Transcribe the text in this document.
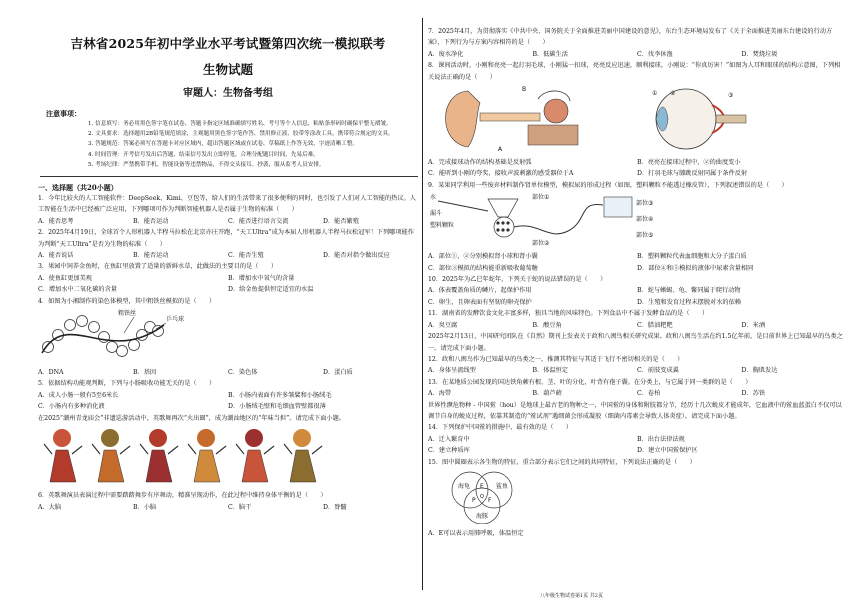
吉林省2025年初中学业水平考试暨第四次统一模拟联考
生物试题
审题人：生物备考组
注意事项：
1. 信息填写：务必用黑色签字笔在试卷、答题卡指定区域准确填写姓名、考号等个人信息，粘贴条形码时确保平整无褶皱。
2. 文具要求：选择题用2B铅笔规范填涂，主观题用黑色签字笔作答，禁用修正液、胶带等涂改工具，携带符合规定的文具。
3. 答题规范：答案必须写在答题卡对应区域内，超出答题区域或在试卷、草稿纸上作答无效，字迹清晰工整。
4. 时间管理：开考信号发出后答题，结束信号发出立即停笔，合理分配题目时间，先易后难。
5. 考场纪律：严禁携带手机、智能设备等违禁物品，不得交头接耳、抄袭，服从监考人员安排。
一、选择题（共20小题）
1．今年比较火的人工智能软件：DeepSeek、Kimi、豆包等，给人们的生活带来了很多便利的同时，也引发了人们对人工智能的热议。人工智能在生活中已经被广泛应用，下列哪项可作为判断智能机器人是否属于生物的标准（　　）
A．能否思考	B．能否运动	C．能否进行语言交流	D．能否繁殖
2．2025年4月19日，全球首个人形机器人半程马拉松在北京亦庄开跑，“天工Ultra”成为本届人形机器人半程马拉松冠军！下列哪项能作为判断“天工Ultra”是否为生物的标准（　　）
A．能否说话	B．能否运动	C．能否生殖	D．能否对指令做出反应
3．果园中饲养金鱼时，在鱼缸里放置了适量的新鲜水草，此做法的主要目的是（　　）
A．使鱼缸更加美观	B．增加水中氧气的含量
C．增加水中二氧化碳的含量	D．给金鱼提供恒定适宜的水温
4．如图为小湘制作的染色体模型，其中粗铁丝模拟的是（　　）
粗铁丝
乒乓球
A．DNA	B．基因	C．染色体	D．蛋白质
5．依据结构功能观判断，下列与小肠吸收功能无关的是（　　）
A．成人小肠一般有5至6米长	B．小肠内表面有许多皱襞和小肠绒毛
C．小肠内有多种消化液	D．小肠绒毛壁和毛细血管壁都很薄
在2025“潮州青龙庙会”非遗巡游活动中，英歌舞再次“火出圈”，成为潮汕地区的“年味当担”。请完成下面小题。
6．英歌舞演员表演过程中需要踏踏舞步有序舞动，精准呈现动作，在此过程中维持身体平衡的是（　　）
A．大脑	B．小脑	C．脑干	D．脊髓
7．2025年4月，为贯彻落实《中共中央、国务院关于全面推进美丽中国建设的意见》，东台生态环境局发布了《关于全面推进美丽东台建设的行动方案》，下列行为与方案内容相符的是（　　）
A．废水净化	B．低碳生活	C．伐李休渔	D．焚烧垃圾
8．课间活动时，小刚和亮亮一起打羽毛球，小刚猛一扣球，亮亮反应迅速，顺利接球，小刚说：“你真厉害！”如图为人耳和眼球的结构示意图，下列相关说法正确的是（　　）
B
A
① ②	③
A．完成接球动作的结构基础是反射弧	B．亮亮在接球过程中，②的曲度变小
C．能听到小刚的夸奖，接收声波刺激的感受器位于A	D．打羽毛球与膝跳反射同属于条件反射
9．某果同学利用一些废弃材料制作肾单位模型，模拟尿的形成过程（如图，塑料颗粒不能透过橡皮管），下列叙述错误的是（　　）
水
漏斗
塑料颗粒
部位①
部位②
部位③
部位④
部位⑤
A．部位①、②分别模拟肾小球和肾小囊	B．塑料颗粒代表血细胞和大分子蛋白质
C．部位③模拟的结构能重新吸收葡萄糖	D．部位④和⑤模拟的液体中尿素含量相同
10．2025年为乙巳年蛇年，下列关于蛇的说法错误的是（　　）
A．体表覆盖角质的鳞片，起保护作用	B．蛇与蜥蜴、龟、鳖同属于爬行动物
C．卵生，且卵表面有坚韧的卵壳保护	D．生殖和发育过程未摆脱对水的依赖
11．湖南省的发酵饮食文化丰富多样，独具当地的风味特色。下列食品中不属于发酵食品的是（　　）
A．臭豆腐	B．酸豆角	C．腊油粑粑	D．米酒
2025年2月13日，中国研究团队在《自然》期刊上发表关于政和八闽鸟相关研究成果。政和八闽鸟生活在约1.5亿年前，是目前世界上已知最早的鸟类之一。请完成下面小题。
12．政和八闽鸟作为已知最早的鸟类之一，推测其特征与其适于飞行不密切相关的是（　　）
A．身体呈流线型	B．体温恒定	C．前肢变成翼	D．胸肌发达
13．在某地质公园发现的国达铁角蕨有根、茎、叶的分化，叶背有孢子囊。在分类上，与它属于同一类群的是（　　）
A．海带	B．葫芦藓	C．卷柏	D．苏铁
世界性濒危物种 - 中国鲎（hou）是地球上最古老的物种之一，中国鲎的身体和附肢都分节，经历十几次蜕皮才能成年，它血液中的鲎血蓝蛋白不仅可以调节自身的蜕皮过程，依靠其制造的“鲎试剂”遇细菌会形成凝胶（细菌内毒素会导致人体炎症）。请完成下面小题。
14．下列保护中国鲎的措施中，最有效的是（　　）
A．迁入繁育中	B．出台法律法规
C．建立种质库	D．建立中国鲎保护区
15．图中圆圈表示各生物的特征，重合部分表示它们之间的共同特征，下列说法正确的是（　　）
海龟	鲨鱼
海豚
E
P F
Q
A．E可以表示用肺呼吸，体温恒定
八年级生物试卷第1页 共2页
